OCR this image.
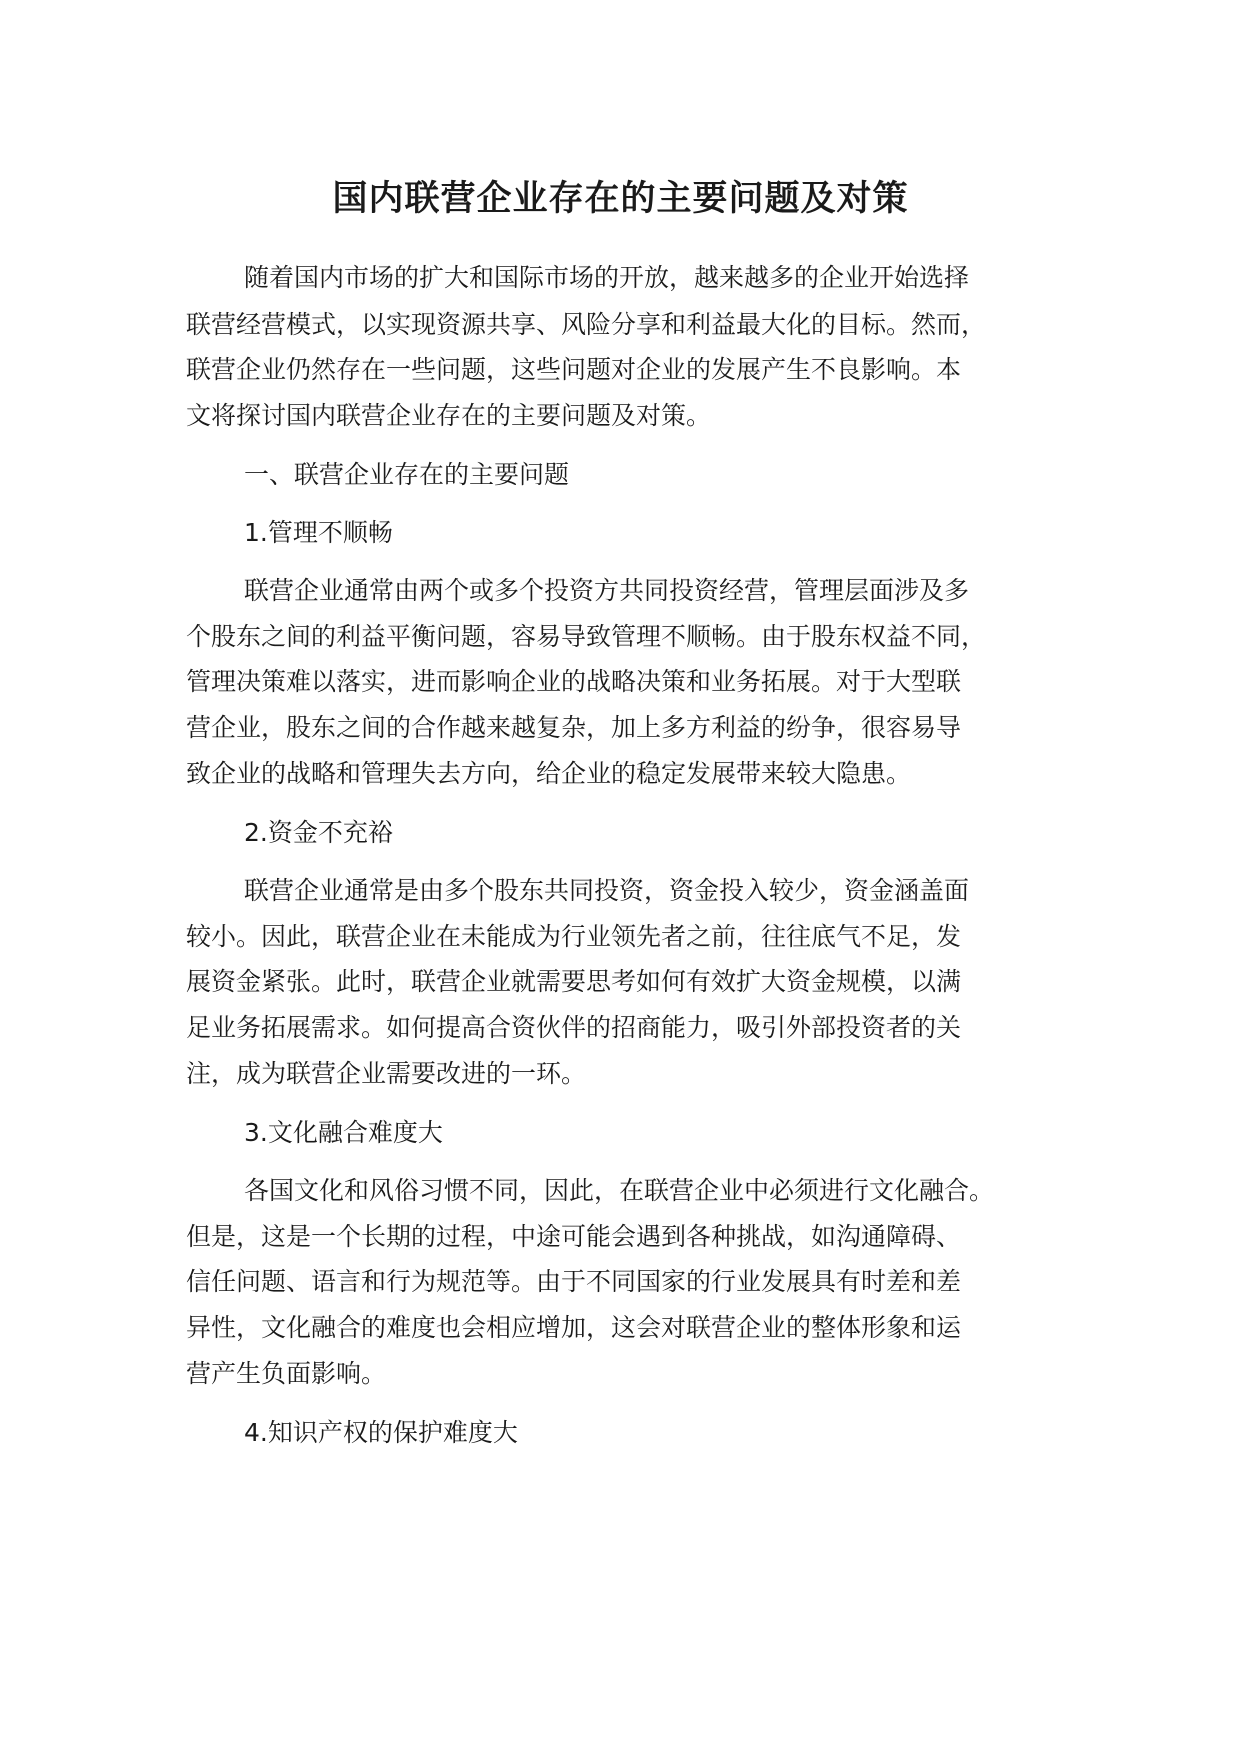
国内联营企业存在的主要问题及对策

随着国内市场的扩大和国际市场的开放，越来越多的企业开始选择

联营经营模式，以实现资源共享、风险分享和利益最大化的目标。然而，

联营企业仍然存在一些问题，这些问题对企业的发展产生不良影响。本

文将探讨国内联营企业存在的主要问题及对策。

一、联营企业存在的主要问题

1.管理不顺畅

联营企业通常由两个或多个投资方共同投资经营，管理层面涉及多

个股东之间的利益平衡问题，容易导致管理不顺畅。由于股东权益不同，

管理决策难以落实，进而影响企业的战略决策和业务拓展。对于大型联

营企业，股东之间的合作越来越复杂，加上多方利益的纷争，很容易导

致企业的战略和管理失去方向，给企业的稳定发展带来较大隐患。

2.资金不充裕

联营企业通常是由多个股东共同投资，资金投入较少，资金涵盖面

较小。因此，联营企业在未能成为行业领先者之前，往往底气不足，发

展资金紧张。此时，联营企业就需要思考如何有效扩大资金规模，以满

足业务拓展需求。如何提高合资伙伴的招商能力，吸引外部投资者的关

注，成为联营企业需要改进的一环。

3.文化融合难度大

各国文化和风俗习惯不同，因此，在联营企业中必须进行文化融合。

但是，这是一个长期的过程，中途可能会遇到各种挑战，如沟通障碍、

信任问题、语言和行为规范等。由于不同国家的行业发展具有时差和差

异性，文化融合的难度也会相应增加，这会对联营企业的整体形象和运

营产生负面影响。

4.知识产权的保护难度大
